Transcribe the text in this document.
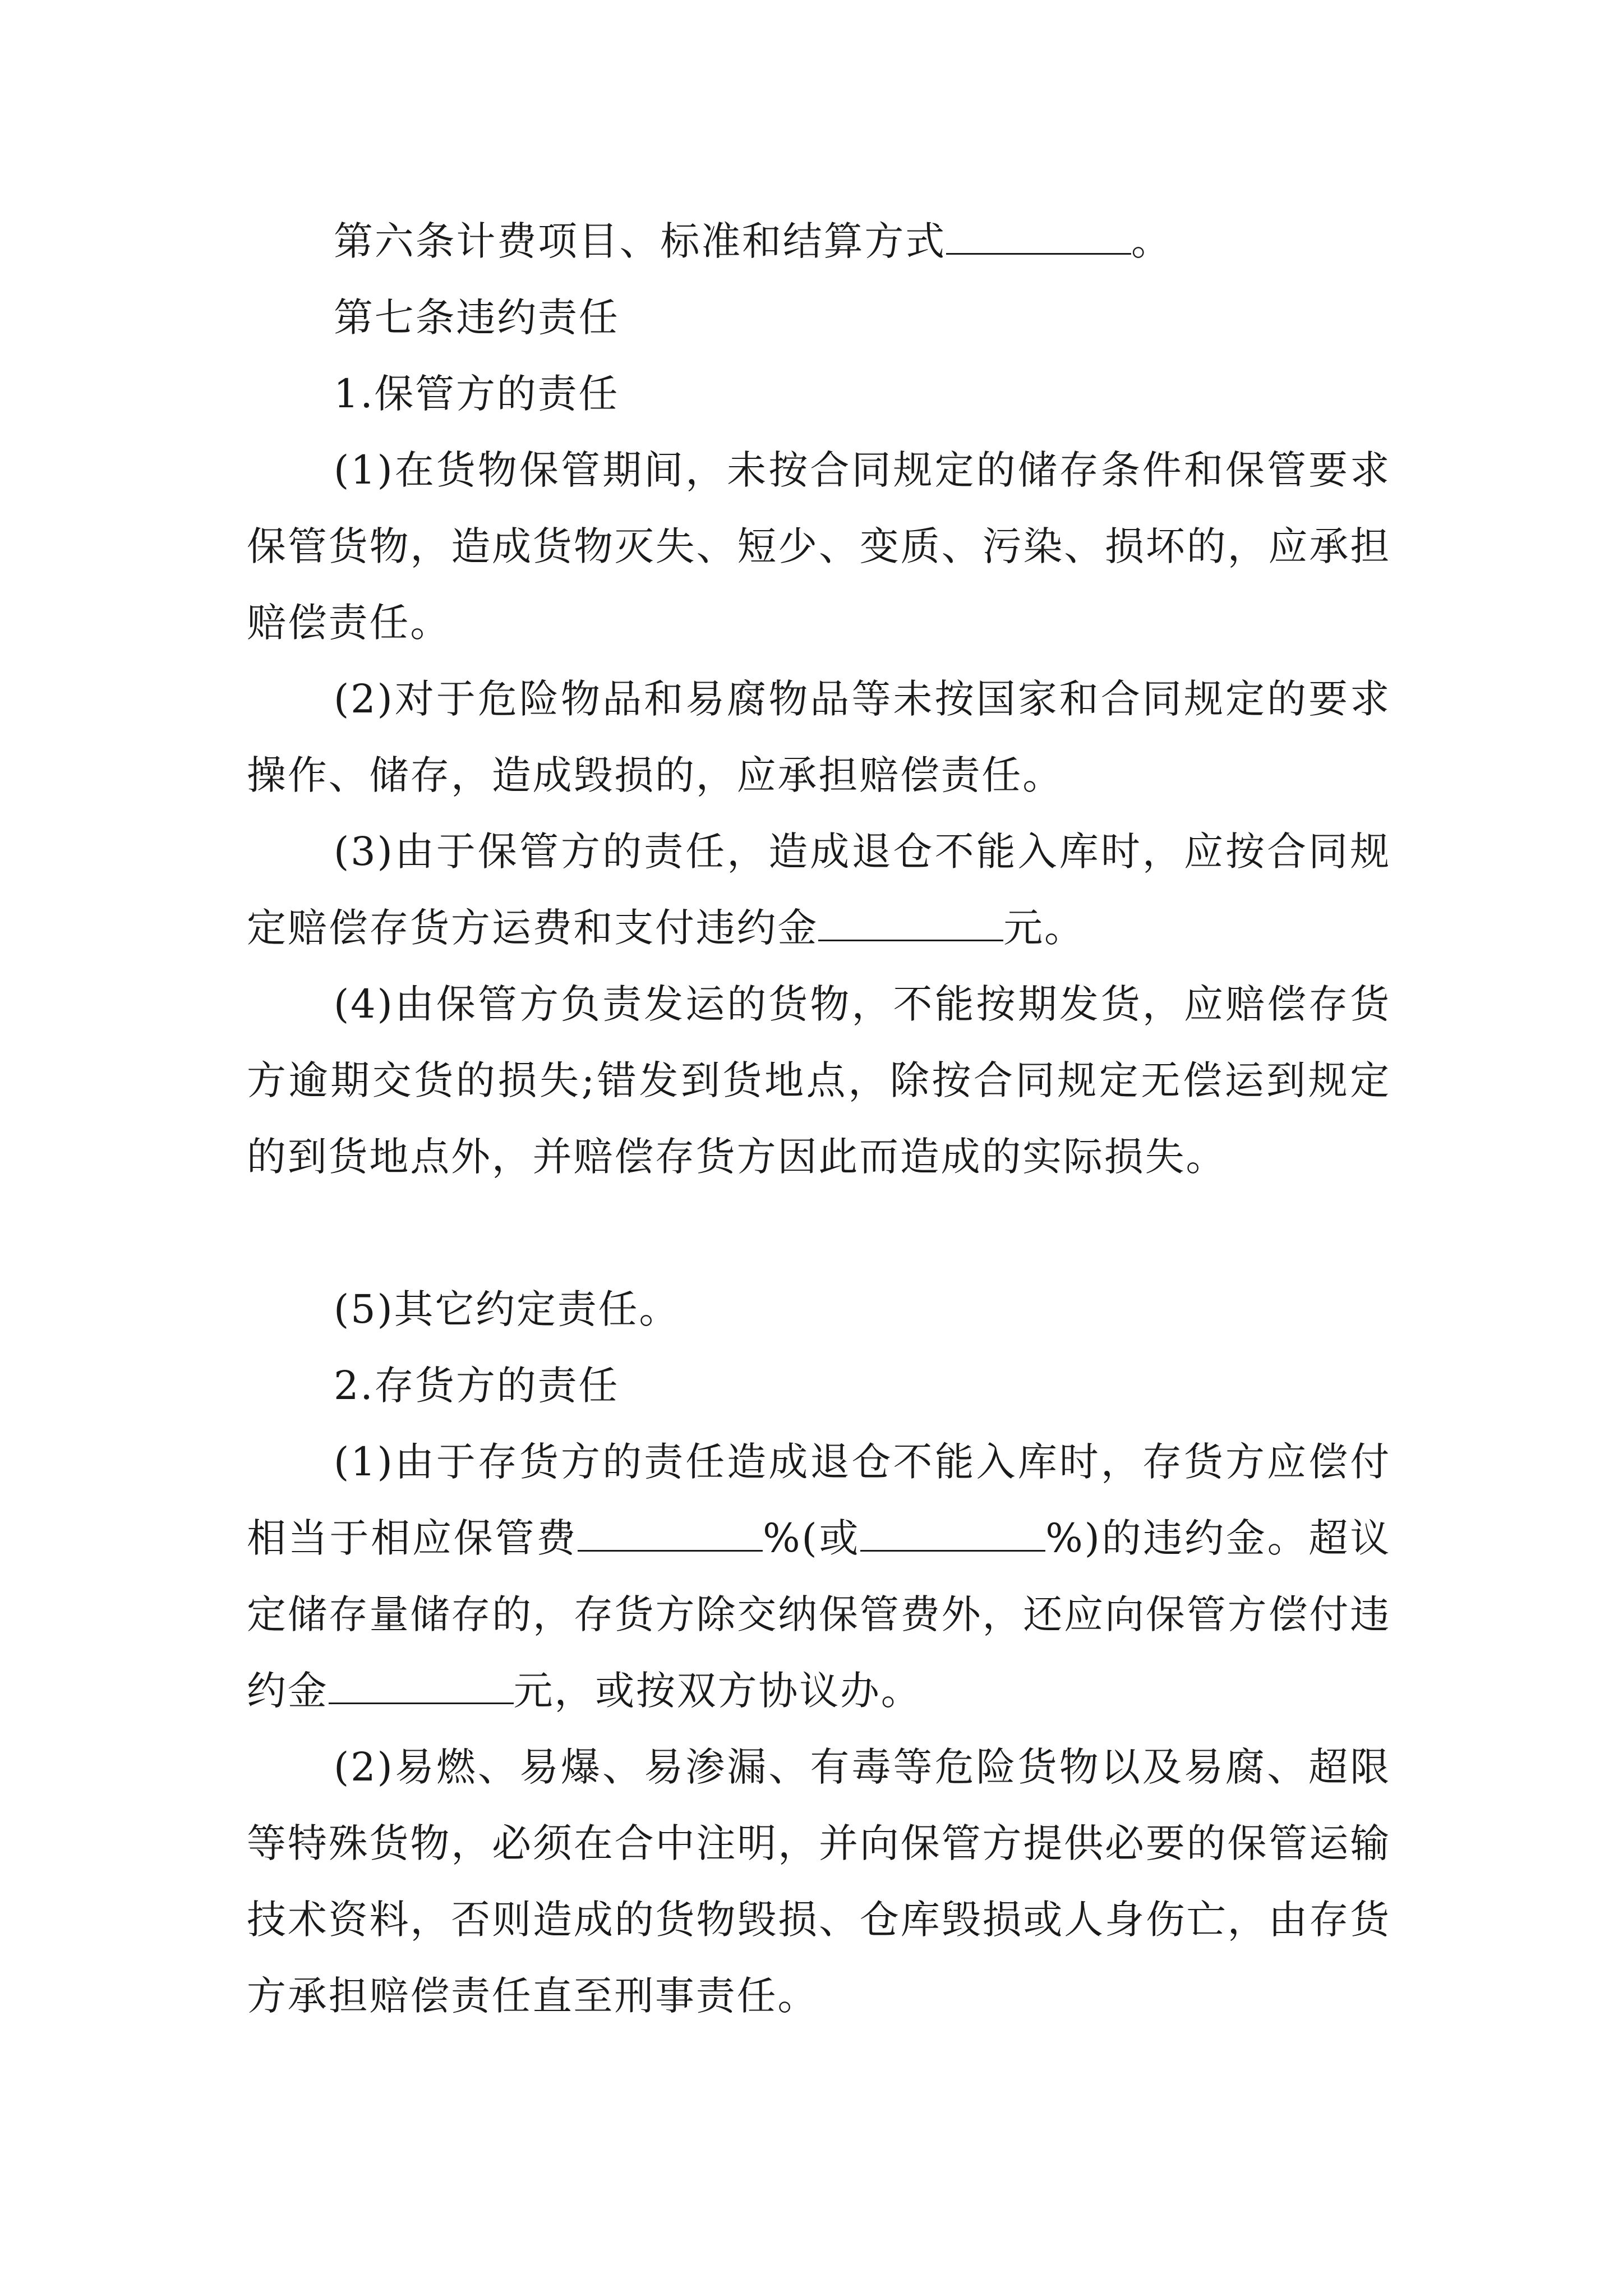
第六条计费项目、标准和结算方式	。

第七条违约责任

1.保管方的责任

(1)在货物保管期间，未按合同规定的储存条件和保管要求保管货物，造成货物灭失、短少、变质、污染、损坏的，应承担赔偿责任。

(2)对于危险物品和易腐物品等未按国家和合同规定的要求操作、储存，造成毁损的，应承担赔偿责任。

(3)由于保管方的责任，造成退仓不能入库时，应按合同规定赔偿存货方运费和支付违约金	元。

(4)由保管方负责发运的货物，不能按期发货，应赔偿存货方逾期交货的损失;错发到货地点，除按合同规定无偿运到规定的到货地点外，并赔偿存货方因此而造成的实际损失。

(5)其它约定责任。

2.存货方的责任

(1)由于存货方的责任造成退仓不能入库时，存货方应偿付相当于相应保管费	%(或	%)的违约金。超议定储存量储存的，存货方除交纳保管费外，还应向保管方偿付违约金	元，或按双方协议办。

(2)易燃、易爆、易渗漏、有毒等危险货物以及易腐、超限等特殊货物，必须在合中注明，并向保管方提供必要的保管运输技术资料，否则造成的货物毁损、仓库毁损或人身伤亡，由存货方承担赔偿责任直至刑事责任。
